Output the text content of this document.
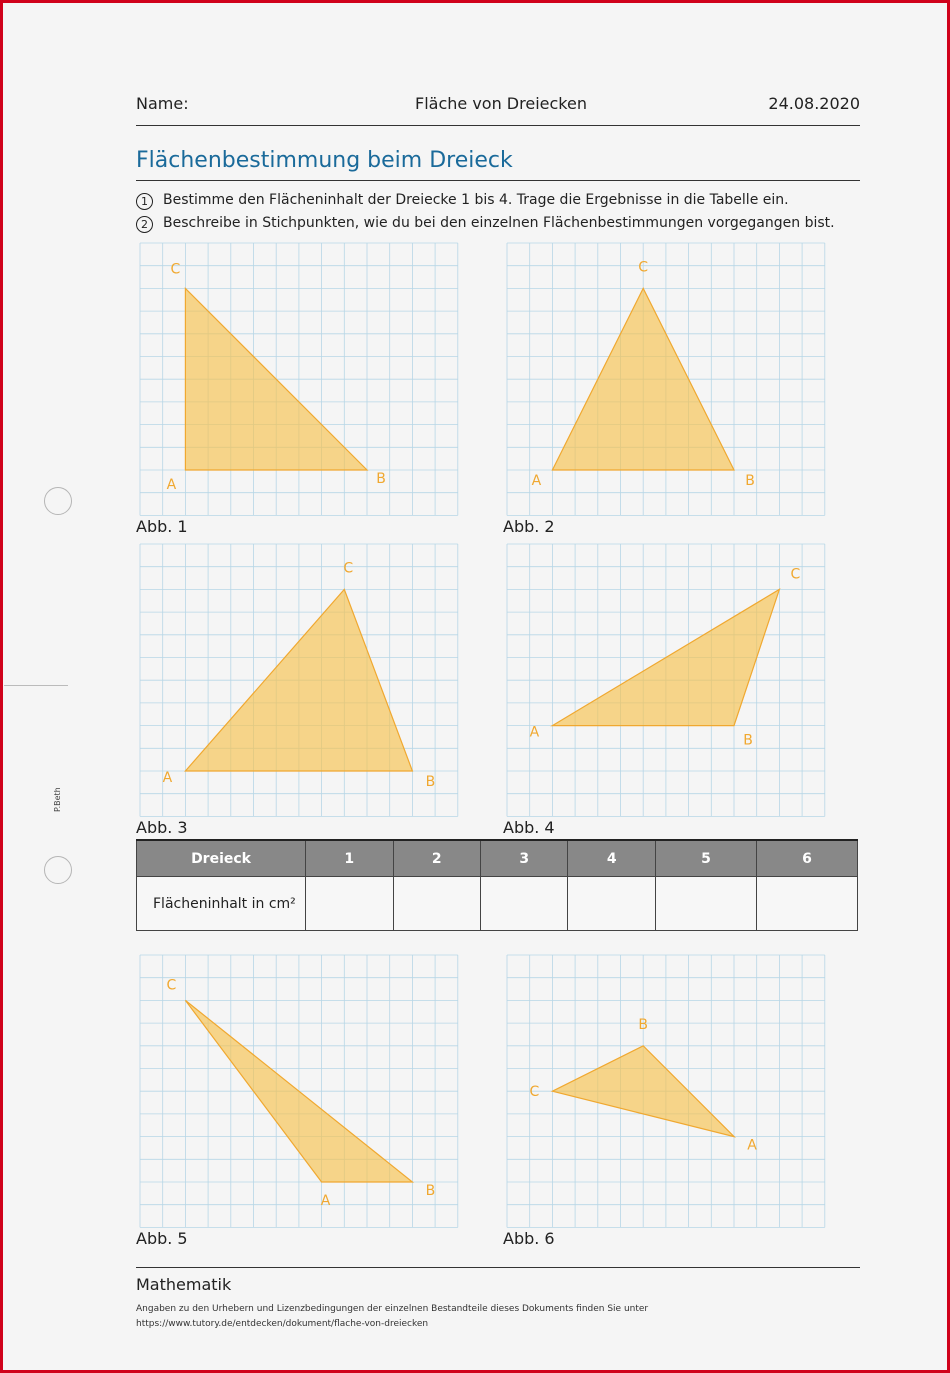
Name:	Fläche von Dreiecken	24.08.2020
Flächenbestimmung beim Dreieck
1 Bestimme den Flächeninhalt der Dreiecke 1 bis 4. Trage die Ergebnisse in die Tabelle ein.
2 Beschreibe in Stichpunkten, wie du bei den einzelnen Flächenbestimmungen vorgegangen bist.
A	B
C
Abb. 1
A	B
C
Abb. 2
A	B
C
Abb. 3
A	B
C
Abb. 4
Dreieck	1	2	3	4	5	6
Flächeninhalt in cm²						
A
B
C
Abb. 5
A
B
C
Abb. 6
P.Beth
Mathematik
Angaben zu den Urhebern und Lizenzbedingungen der einzelnen Bestandteile dieses Dokuments finden Sie unter
https://www.tutory.de/entdecken/dokument/flache-von-dreiecken
